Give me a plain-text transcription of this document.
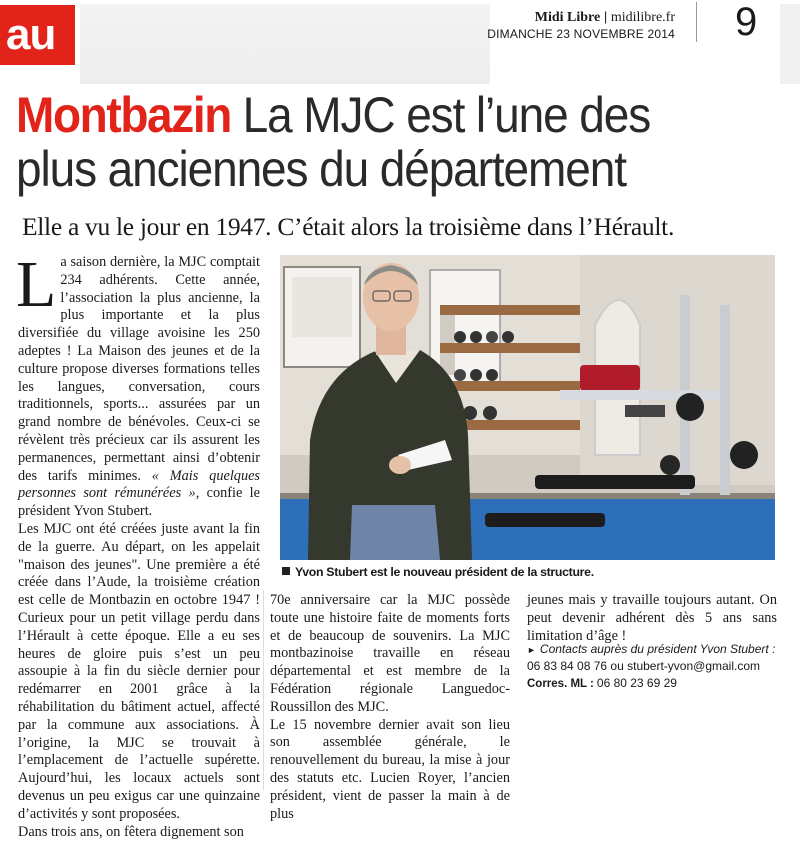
au	Midi Libre | midilibre.fr
DIMANCHE 23 NOVEMBRE 2014 9
Montbazin La MJC est l’une des
plus anciennes du département
Elle a vu le jour en 1947. C’était alors la troisième dans l’Hérault.
L a saison dernière, la MJC comptait 234 adhérents. Cette année, l’association la plus ancienne, la plus importante et la plus diversifiée du village avoisine les 250 adeptes ! La Maison des jeunes et de la culture propose diverses formations telles les langues, conversation, cours traditionnels, sports... assurées par un grand nombre de bénévoles. Ceux-ci se révèlent très précieux car ils assurent les permanences, permettant ainsi d’obtenir des tarifs minimes. « Mais quelques personnes sont rémunérées », confie le président Yvon Stubert.

Les MJC ont été créées juste avant la fin de la guerre. Au départ, on les appelait "maison des jeunes". Une première a été créée dans l’Aude, la troisième création est celle de Montbazin en octobre 1947 ! Curieux pour un petit village perdu dans l’Hérault à cette époque. Elle a eu ses heures de gloire puis s’est un peu assoupie à la fin du siècle dernier pour redémarrer en 2001 grâce à la réhabilitation du bâtiment actuel, affecté par la commune aux associations. À l’origine, la MJC se trouvait à l’emplacement de l’actuelle supérette. Aujourd’hui, les locaux actuels sont devenus un peu exigus car une quinzaine d’activités y sont proposées.

Dans trois ans, on fêtera dignement son

Yvon Stubert est le nouveau président de la structure.

70e anniversaire car la MJC possède toute une histoire faite de moments forts et de beaucoup de souvenirs. La MJC montbazinoise travaille en réseau départemental et est membre de la Fédération régionale Languedoc-Roussillon des MJC.

Le 15 novembre dernier avait son lieu son assemblée générale, le renouvellement du bureau, la mise à jour des statuts etc. Lucien Royer, l’ancien président, vient de passer la main à de plus

jeunes mais y travaille toujours autant. On peut devenir adhérent dès 5 ans sans limitation d’âge !

► Contacts auprès du président Yvon Stubert :
06 83 84 08 76 ou stubert-yvon@gmail.com
Corres. ML : 06 80 23 69 29
